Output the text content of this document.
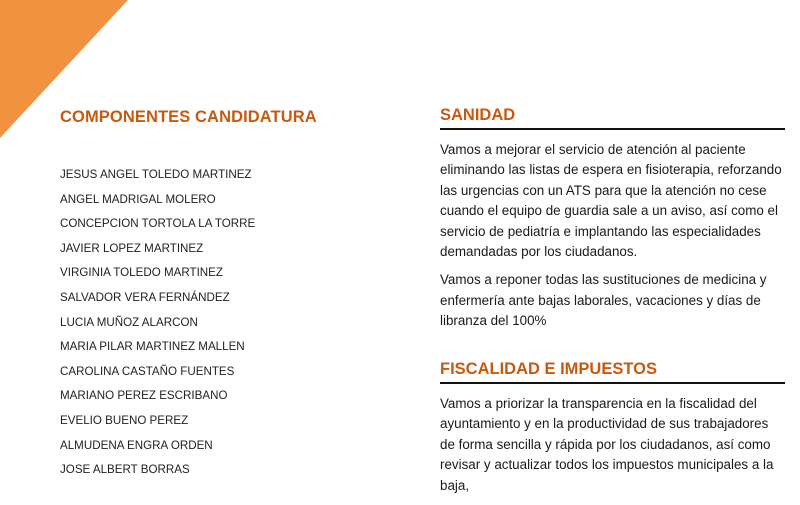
COMPONENTES CANDIDATURA
JESUS ANGEL TOLEDO MARTINEZ
ANGEL MADRIGAL MOLERO
CONCEPCION TORTOLA LA TORRE
JAVIER LOPEZ MARTINEZ
VIRGINIA TOLEDO MARTINEZ
SALVADOR VERA FERNÁNDEZ
LUCIA MUÑOZ ALARCON
MARIA PILAR MARTINEZ MALLEN
CAROLINA CASTAÑO FUENTES
MARIANO PEREZ ESCRIBANO
EVELIO BUENO PEREZ
ALMUDENA ENGRA ORDEN
JOSE ALBERT BORRAS
SANIDAD

Vamos a mejorar el servicio de atención al paciente eliminando las listas de espera en fisioterapia, reforzando las urgencias con un ATS para que la atención no cese cuando el equipo de guardia sale a un aviso, así como el servicio de pediatría e implantando las especialidades demandadas por los ciudadanos.

Vamos a reponer todas las sustituciones de medicina y enfermería ante bajas laborales, vacaciones y días de libranza del 100%

FISCALIDAD E IMPUESTOS

Vamos a priorizar la transparencia en la fiscalidad del ayuntamiento y en la productividad de sus trabajadores de forma sencilla y rápida por los ciudadanos, así como revisar y actualizar todos los impuestos municipales a la baja,
